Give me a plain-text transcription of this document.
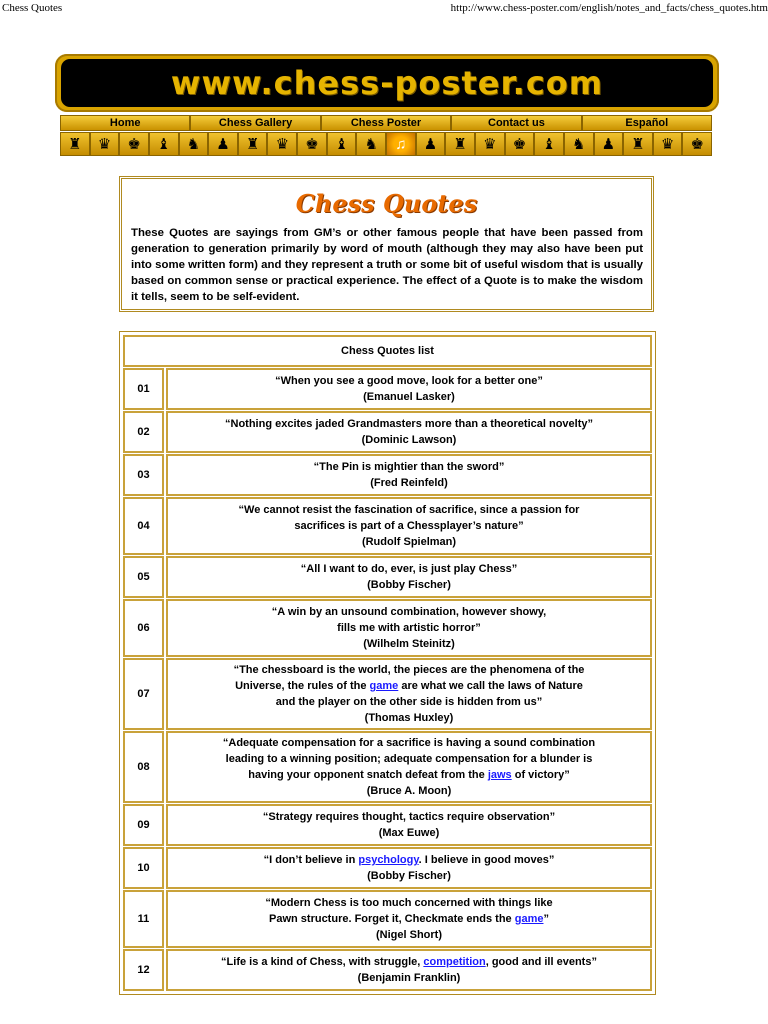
Chess Quotes	http://www.chess-poster.com/english/notes_and_facts/chess_quotes.htm
www.chess-poster.com
Home	Chess Gallery	Chess Poster	Contact us	Español
♜	♛	♚	♝	♞	♟	♜	♛	♚	♝	♞	♫	♟	♜	♛	♚	♝	♞	♟	♜	♛	♚
Chess Quotes
These Quotes are sayings from GM’s or other famous people that have been passed from generation to generation primarily by word of mouth (although they may also have been put into some written form) and they represent a truth or some bit of useful wisdom that is usually based on common sense or practical experience. The effect of a Quote is to make the wisdom it tells, seem to be self-evident.
Chess Quotes list
01
“When you see a good move, look for a better one”
(Emanuel Lasker)
02
“Nothing excites jaded Grandmasters more than a theoretical novelty”
(Dominic Lawson)
03
“The Pin is mightier than the sword”
(Fred Reinfeld)
04
“We cannot resist the fascination of sacrifice, since a passion for
sacrifices is part of a Chessplayer’s nature”
(Rudolf Spielman)
05
“All I want to do, ever, is just play Chess”
(Bobby Fischer)
06
“A win by an unsound combination, however showy,
fills me with artistic horror”
(Wilhelm Steinitz)
07
“The chessboard is the world, the pieces are the phenomena of the
Universe, the rules of the game are what we call the laws of Nature
and the player on the other side is hidden from us”
(Thomas Huxley)
08
“Adequate compensation for a sacrifice is having a sound combination
leading to a winning position; adequate compensation for a blunder is
having your opponent snatch defeat from the jaws of victory”
(Bruce A. Moon)
09
“Strategy requires thought, tactics require observation”
(Max Euwe)
10
“I don’t believe in psychology. I believe in good moves”
(Bobby Fischer)
11
“Modern Chess is too much concerned with things like
Pawn structure. Forget it, Checkmate ends the game”
(Nigel Short)
12
“Life is a kind of Chess, with struggle, competition, good and ill events”
(Benjamin Franklin)
